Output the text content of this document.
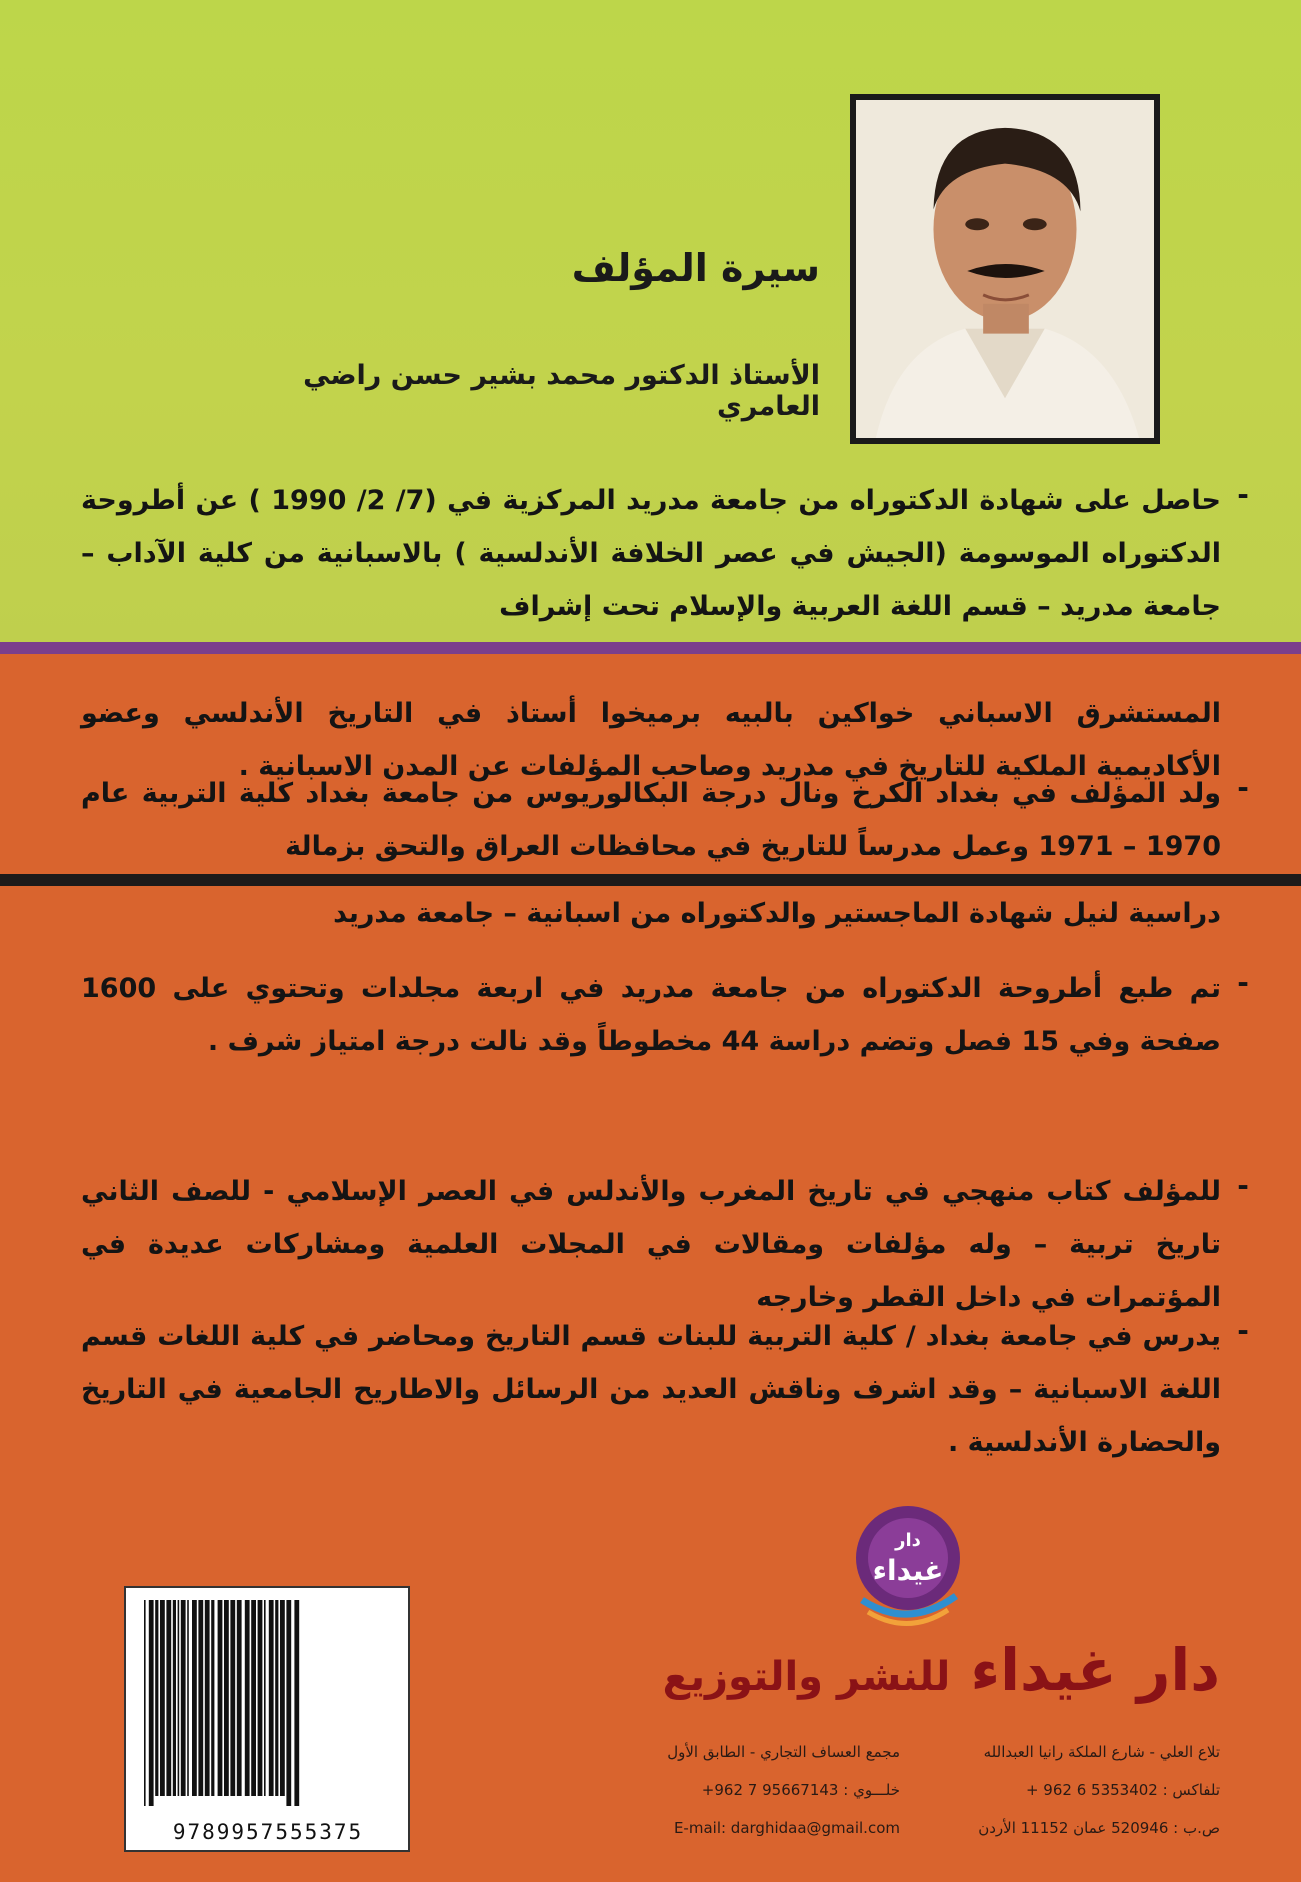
سيرة المؤلف
الأستاذ الدكتور محمد بشير حسن راضي العامري
-
حاصل على شهادة الدكتوراه من جامعة مدريد المركزية في (7/ 2/ 1990 ) عن أطروحة الدكتوراه الموسومة (الجيش في عصر الخلافة الأندلسية ) بالاسبانية من كلية الآداب – جامعة مدريد – قسم اللغة العربية والإسلام تحت إشراف
المستشرق الاسباني خواكين بالبيه برميخوا أستاذ في التاريخ الأندلسي وعضو الأكاديمية الملكية للتاريخ في مدريد وصاحب المؤلفات عن المدن الاسبانية .
-
ولد المؤلف في بغداد الكرخ ونال درجة البكالوريوس من جامعة بغداد كلية التربية عام 1970 – 1971 وعمل مدرساً للتاريخ في محافظات العراق والتحق بزمالة
دراسية لنيل شهادة الماجستير والدكتوراه من اسبانية – جامعة مدريد
-
تم طبع أطروحة الدكتوراه من جامعة مدريد في اربعة مجلدات وتحتوي على 1600 صفحة وفي 15 فصل وتضم دراسة 44 مخطوطاً وقد نالت درجة امتياز شرف .
-
للمؤلف كتاب منهجي في تاريخ المغرب والأندلس في العصر الإسلامي - للصف الثاني تاريخ تربية – وله مؤلفات ومقالات في المجلات العلمية ومشاركات عديدة في المؤتمرات في داخل القطر وخارجه
-
يدرس في جامعة بغداد / كلية التربية للبنات قسم التاريخ ومحاضر في كلية اللغات قسم اللغة الاسبانية – وقد اشرف وناقش العديد من الرسائل والاطاريح الجامعية في التاريخ والحضارة الأندلسية .
دار
غيداء
دار غيداء للنشر والتوزيع
تلاع العلي - شارع الملكة رانيا العبدالله
مجمع العساف التجاري - الطابق الأول
تلفاكس : 5353402 6 962 +
خلـــوي : 95667143 7 962+
ص.ب : 520946 عمان 11152 الأردن
E-mail: darghidaa@gmail.com
9789957555375
